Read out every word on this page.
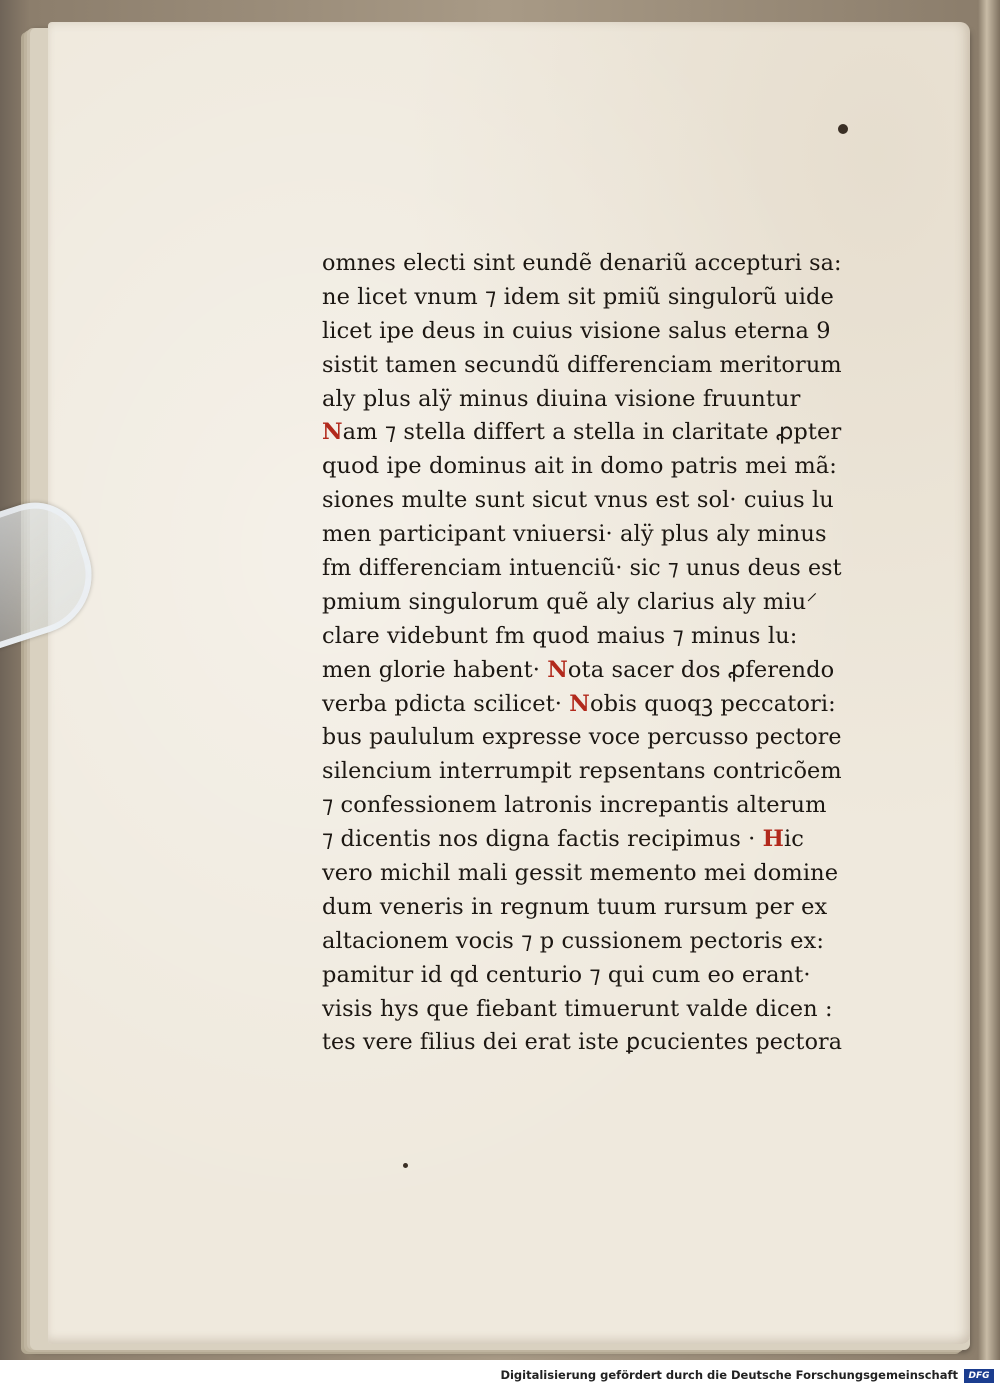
omnes electi sint eundẽ denariũ accepturi sa:
ne licet vnum ⁊ idem sit pmiũ singulorũ uide
licet ipe deus in cuius visione salus eterna 9
sistit tamen secundũ differenciam meritorum
aly plus alÿ minus diuina visione fruuntur
Nam ⁊ stella differt a stella in claritate ꝓpter
quod ipe dominus ait in domo patris mei mã:
siones multe sunt sicut vnus est sol· cuius lu
men participant vniuersi· alÿ plus aly minus
fm differenciam intuenciũ· sic ⁊ unus deus est
pmium singulorum quẽ aly clarius aly miu⸍
clare videbunt fm quod maius ⁊ minus lu:
men glorie habent· Nota sacer dos ꝓferendo
verba pdicta scilicet· Nobis quoqꝫ peccatori:
bus paululum expresse voce percusso pectore
silencium interrumpit repsentans contricõem
⁊ confessionem latronis increpantis alterum
⁊ dicentis nos digna factis recipimus · Hic
vero michil mali gessit memento mei domine
dum veneris in regnum tuum rursum per ex
altacionem vocis ⁊ p cussionem pectoris ex:
pamitur id qd centurio ⁊ qui cum eo erant·
visis hys que fiebant timuerunt valde dicen :
tes vere filius dei erat iste ꝑcucientes pectora
Digitalisierung gefördert durch die Deutsche Forschungsgemeinschaft	DFG
